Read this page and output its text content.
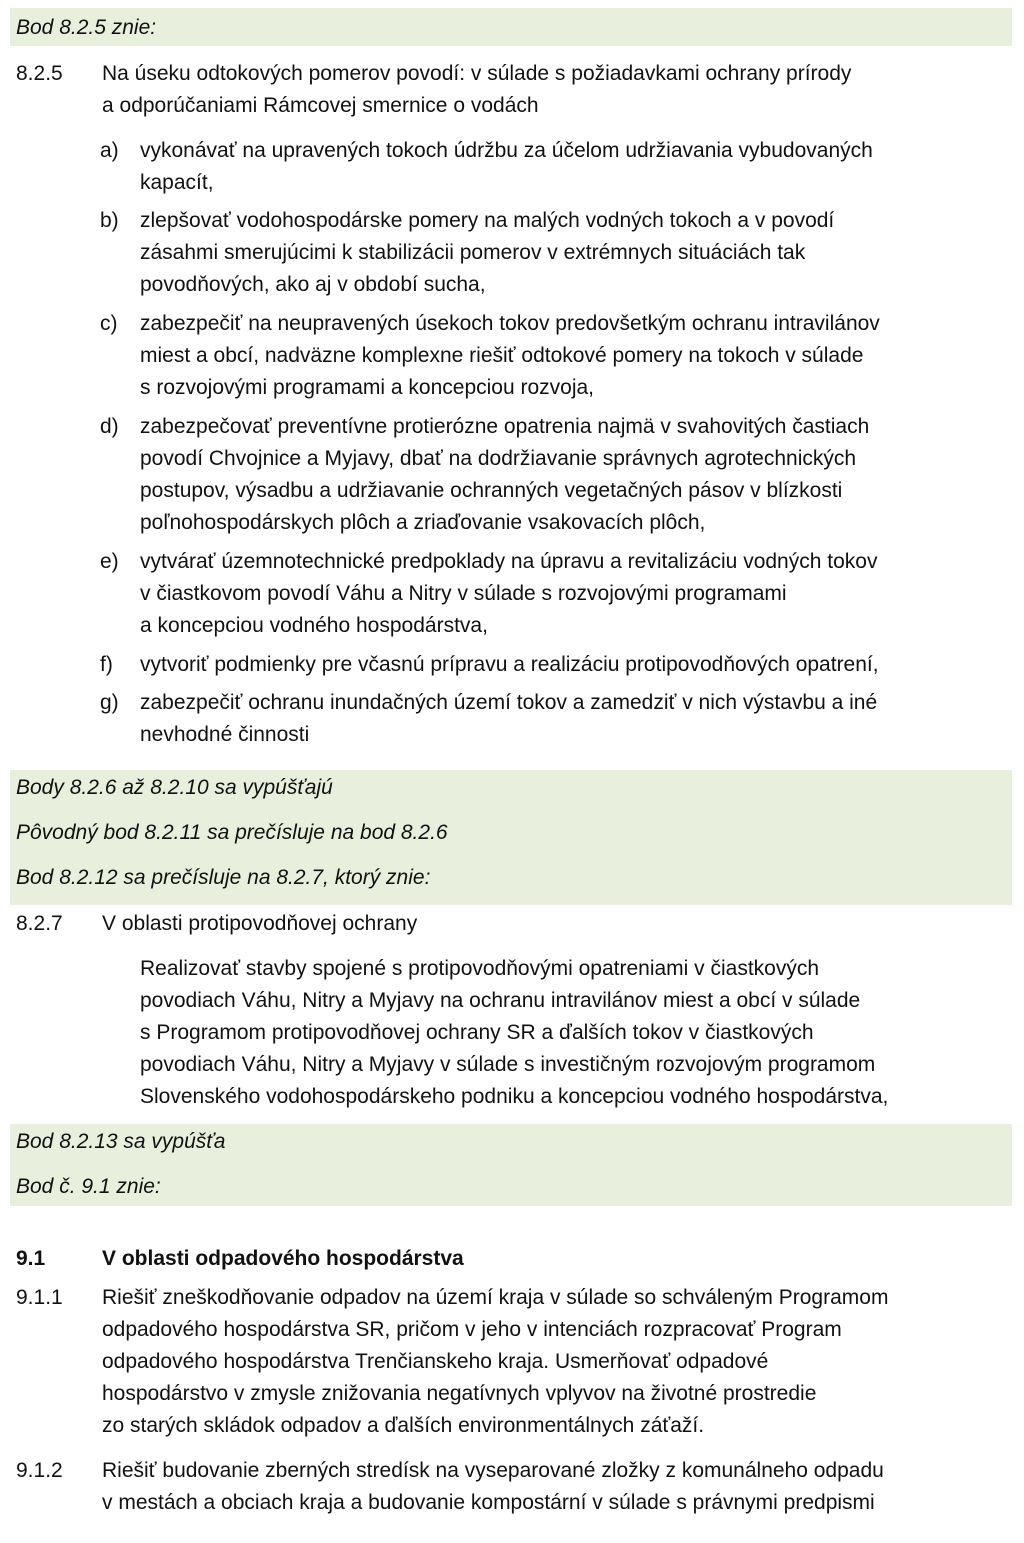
Bod 8.2.5 znie:

8.2.5 Na úseku odtokových pomerov povodí: v súlade s požiadavkami ochrany prírody

a odporúčaniami Rámcovej smernice o vodách

a)	vykonávať na upravených tokoch údržbu za účelom udržiavania vybudovaných

kapacít,

b)	zlepšovať vodohospodárske pomery na malých vodných tokoch a v povodí

zásahmi smerujúcimi k stabilizácii pomerov v extrémnych situáciách tak

povodňových, ako aj v období sucha,

c)	zabezpečiť na neupravených úsekoch tokov predovšetkým ochranu intravilánov

miest a obcí, nadväzne komplexne riešiť odtokové pomery na tokoch v súlade

s rozvojovými programami a koncepciou rozvoja,

d)	zabezpečovať preventívne protierózne opatrenia najmä v svahovitých častiach

povodí Chvojnice a Myjavy, dbať na dodržiavanie správnych agrotechnických

postupov, výsadbu a udržiavanie ochranných vegetačných pásov v blízkosti

poľnohospodárskych plôch a zriaďovanie vsakovacích plôch,

e)	vytvárať územnotechnické predpoklady na úpravu a revitalizáciu vodných tokov

v čiastkovom povodí Váhu a Nitry v súlade s rozvojovými programami

a koncepciou vodného hospodárstva,

f)	vytvoriť podmienky pre včasnú prípravu a realizáciu protipovodňových opatrení,

g)	zabezpečiť ochranu inundačných území tokov a zamedziť v nich výstavbu a iné

nevhodné činnosti

Body 8.2.6 až 8.2.10 sa vypúšťajú

Pôvodný bod 8.2.11 sa prečísluje na bod 8.2.6

Bod 8.2.12 sa prečísluje na 8.2.7, ktorý znie:

8.2.7 V oblasti protipovodňovej ochrany

Realizovať stavby spojené s protipovodňovými opatreniami v čiastkových

povodiach Váhu, Nitry a Myjavy na ochranu intravilánov miest a obcí v súlade

s Programom protipovodňovej ochrany SR a ďalších tokov v čiastkových

povodiach Váhu, Nitry a Myjavy v súlade s investičným rozvojovým programom

Slovenského vodohospodárskeho podniku a koncepciou vodného hospodárstva,

Bod 8.2.13 sa vypúšťa

Bod č. 9.1 znie:

9.1	V oblasti odpadového hospodárstva
9.1.1 Riešiť zneškodňovanie odpadov na území kraja v súlade so schváleným Programom

odpadového hospodárstva SR, pričom v jeho v intenciách rozpracovať Program

odpadového hospodárstva Trenčianskeho kraja. Usmerňovať odpadové

hospodárstvo v zmysle znižovania negatívnych vplyvov na životné prostredie

zo starých skládok odpadov a ďalších environmentálnych záťaží.

9.1.2 Riešiť budovanie zberných stredísk na vyseparované zložky z komunálneho odpadu

v mestách a obciach kraja a budovanie kompostární v súlade s právnymi predpismi
